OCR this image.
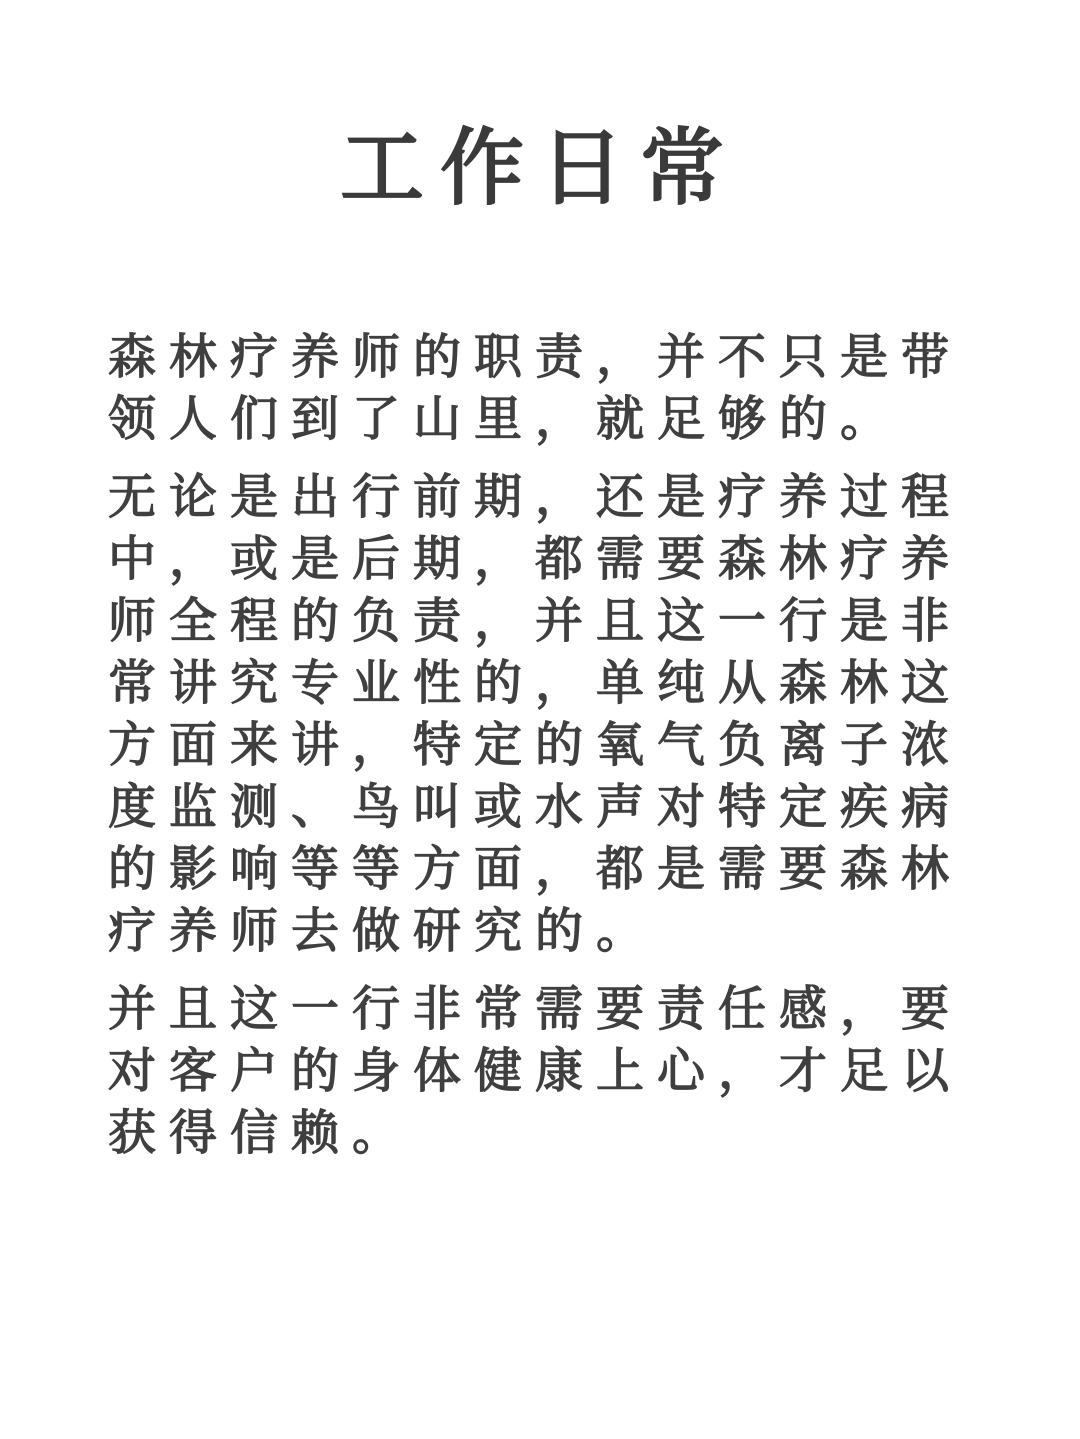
工作日常
森林疗养师的职责，并不只是带
领人们到了山里，就足够的。
无论是出行前期，还是疗养过程
中，或是后期，都需要森林疗养
师全程的负责，并且这一行是非
常讲究专业性的，单纯从森林这
方面来讲，特定的氧气负离子浓
度监测、鸟叫或水声对特定疾病
的影响等等方面，都是需要森林
疗养师去做研究的。
并且这一行非常需要责任感，要
对客户的身体健康上心，才足以
获得信赖。
